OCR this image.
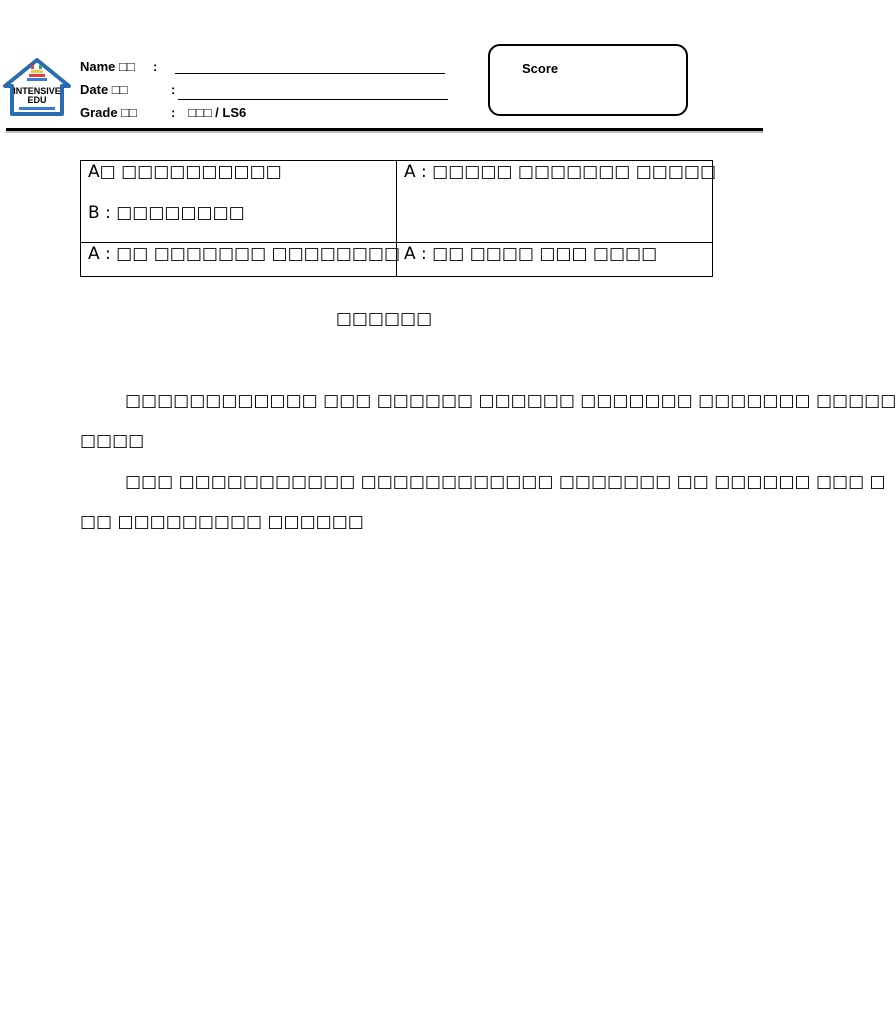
INTENSIVE
EDU
Name □□ :
Date □□	:
Grade □□	: □□□ / LS6
Score
A□ □□□□□□□□□□
B : □□□□□□□□	A : □□□□□ □□□□□□□ □□□□□

A : □□ □□□□□□□ □□□□□□□□	A : □□ □□□□ □□□ □□□□
□□□□□□
□□□□□□□□□□□□ □□□ □□□□□□ □□□□□□ □□□□□□□ □□□□□□□ □□□□□
□□□□
□□□ □□□□□□□□□□□ □□□□□□□□□□□□ □□□□□□□ □□ □□□□□□ □□□ □
□□ □□□□□□□□□ □□□□□□
